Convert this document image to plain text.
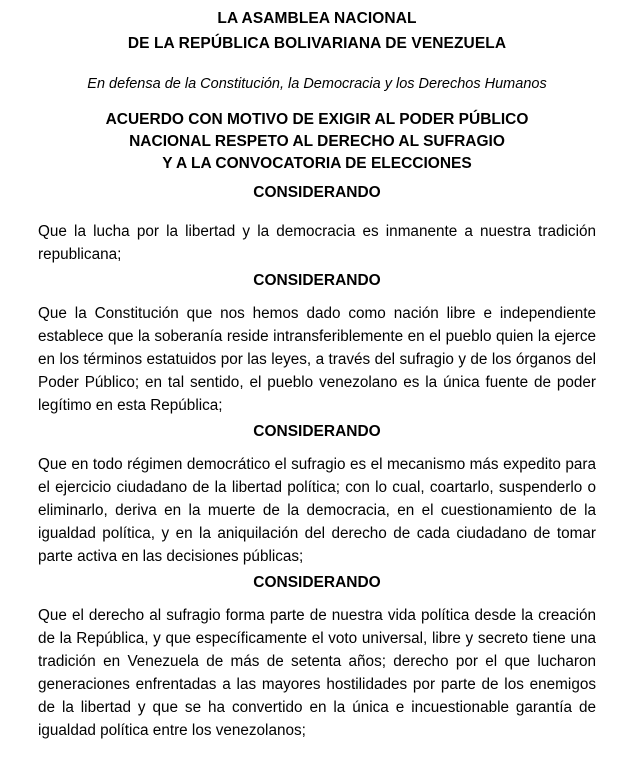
LA ASAMBLEA NACIONAL

DE LA REPÚBLICA BOLIVARIANA DE VENEZUELA

En defensa de la Constitución, la Democracia y los Derechos Humanos

ACUERDO CON MOTIVO DE EXIGIR AL PODER PÚBLICO

NACIONAL RESPETO AL DERECHO AL SUFRAGIO

Y A LA CONVOCATORIA DE ELECCIONES

CONSIDERANDO

Que la lucha por la libertad y la democracia es inmanente a nuestra tradición republicana;

CONSIDERANDO

Que la Constitución que nos hemos dado como nación libre e independiente establece que la soberanía reside intransferiblemente en el pueblo quien la ejerce en los términos estatuidos por las leyes, a través del sufragio y de los órganos del Poder Público; en tal sentido, el pueblo venezolano es la única fuente de poder legítimo en esta República;

CONSIDERANDO

Que en todo régimen democrático el sufragio es el mecanismo más expedito para el ejercicio ciudadano de la libertad política; con lo cual, coartarlo, suspenderlo o eliminarlo, deriva en la muerte de la democracia, en el cuestionamiento de la igualdad política, y en la aniquilación del derecho de cada ciudadano de tomar parte activa en las decisiones públicas;

CONSIDERANDO

Que el derecho al sufragio forma parte de nuestra vida política desde la creación de la República, y que específicamente el voto universal, libre y secreto tiene una tradición en Venezuela de más de setenta años; derecho por el que lucharon generaciones enfrentadas a las mayores hostilidades por parte de los enemigos de la libertad y que se ha convertido en la única e incuestionable garantía de igualdad política entre los venezolanos;
